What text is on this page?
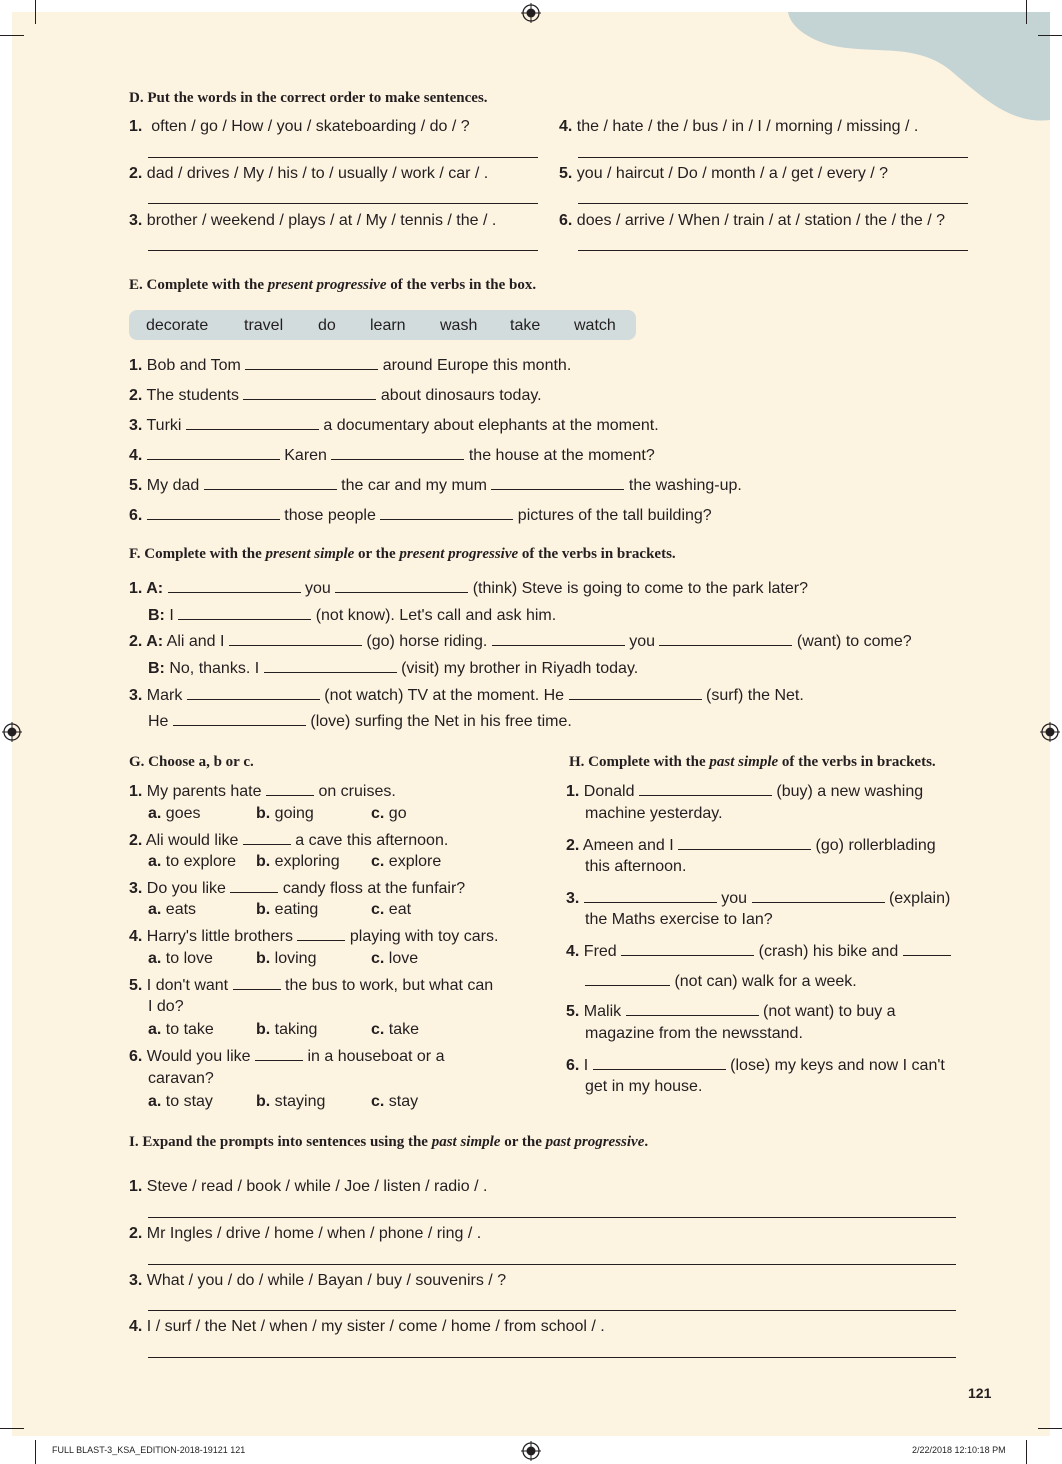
D. Put the words in the correct order to make sentences.
1. often / go / How / you / skateboarding / do / ?
2. dad / drives / My / his / to / usually / work / car / .
3. brother / weekend / plays / at / My / tennis / the / .
4. the / hate / the / bus / in / I / morning / missing / .
5. you / haircut / Do / month / a / get / every / ?
6. does / arrive / When / train / at / station / the / the / ?
E. Complete with the present progressive of the verbs in the box.
decorate travel do learn wash take watch
1. Bob and Tom	around Europe this month.
2. The students	about dinosaurs today.
3. Turki	a documentary about elephants at the moment.
4.	Karen	the house at the moment?
5. My dad	the car and my mum	the washing-up.
6.	those people	pictures of the tall building?
F. Complete with the present simple or the present progressive of the verbs in brackets.
1. A:	you	(think) Steve is going to come to the park later?
B: I	(not know). Let's call and ask him.
2. A: Ali and I	(go) horse riding.	you	(want) to come?
B: No, thanks. I	(visit) my brother in Riyadh today.
3. Mark	(not watch) TV at the moment. He	(surf) the Net.
He	(love) surfing the Net in his free time.
G. Choose a, b or c.
1. My parents hate	on cruises.
a. goes	b. going	c. go
2. Ali would like	a cave this afternoon.
a. to explore b. exploring c. explore
3. Do you like	candy floss at the funfair?
a. eats	b. eating	c. eat
4. Harry's little brothers	playing with toy cars.
a. to love	b. loving	c. love
5. I don't want	the bus to work, but what can
I do?
a. to take	b. taking	c. take
6. Would you like	in a houseboat or a
caravan?
a. to stay	b. staying	c. stay
H. Complete with the past simple of the verbs in brackets.
1. Donald	(buy) a new washing
machine yesterday.
2. Ameen and I	(go) rollerblading
this afternoon.
3.	you	(explain)
the Maths exercise to Ian?
4. Fred	(crash) his bike and
(not can) walk for a week.
5. Malik	(not want) to buy a
magazine from the newsstand.
6. I	(lose) my keys and now I can't
get in my house.
I. Expand the prompts into sentences using the past simple or the past progressive.
1. Steve / read / book / while / Joe / listen / radio / .
2. Mr Ingles / drive / home / when / phone / ring / .
3. What / you / do / while / Bayan / buy / souvenirs / ?
4. I / surf / the Net / when / my sister / come / home / from school / .
121
FULL BLAST-3_KSA_EDITION-2018-19121 121	2/22/2018 12:10:18 PM
